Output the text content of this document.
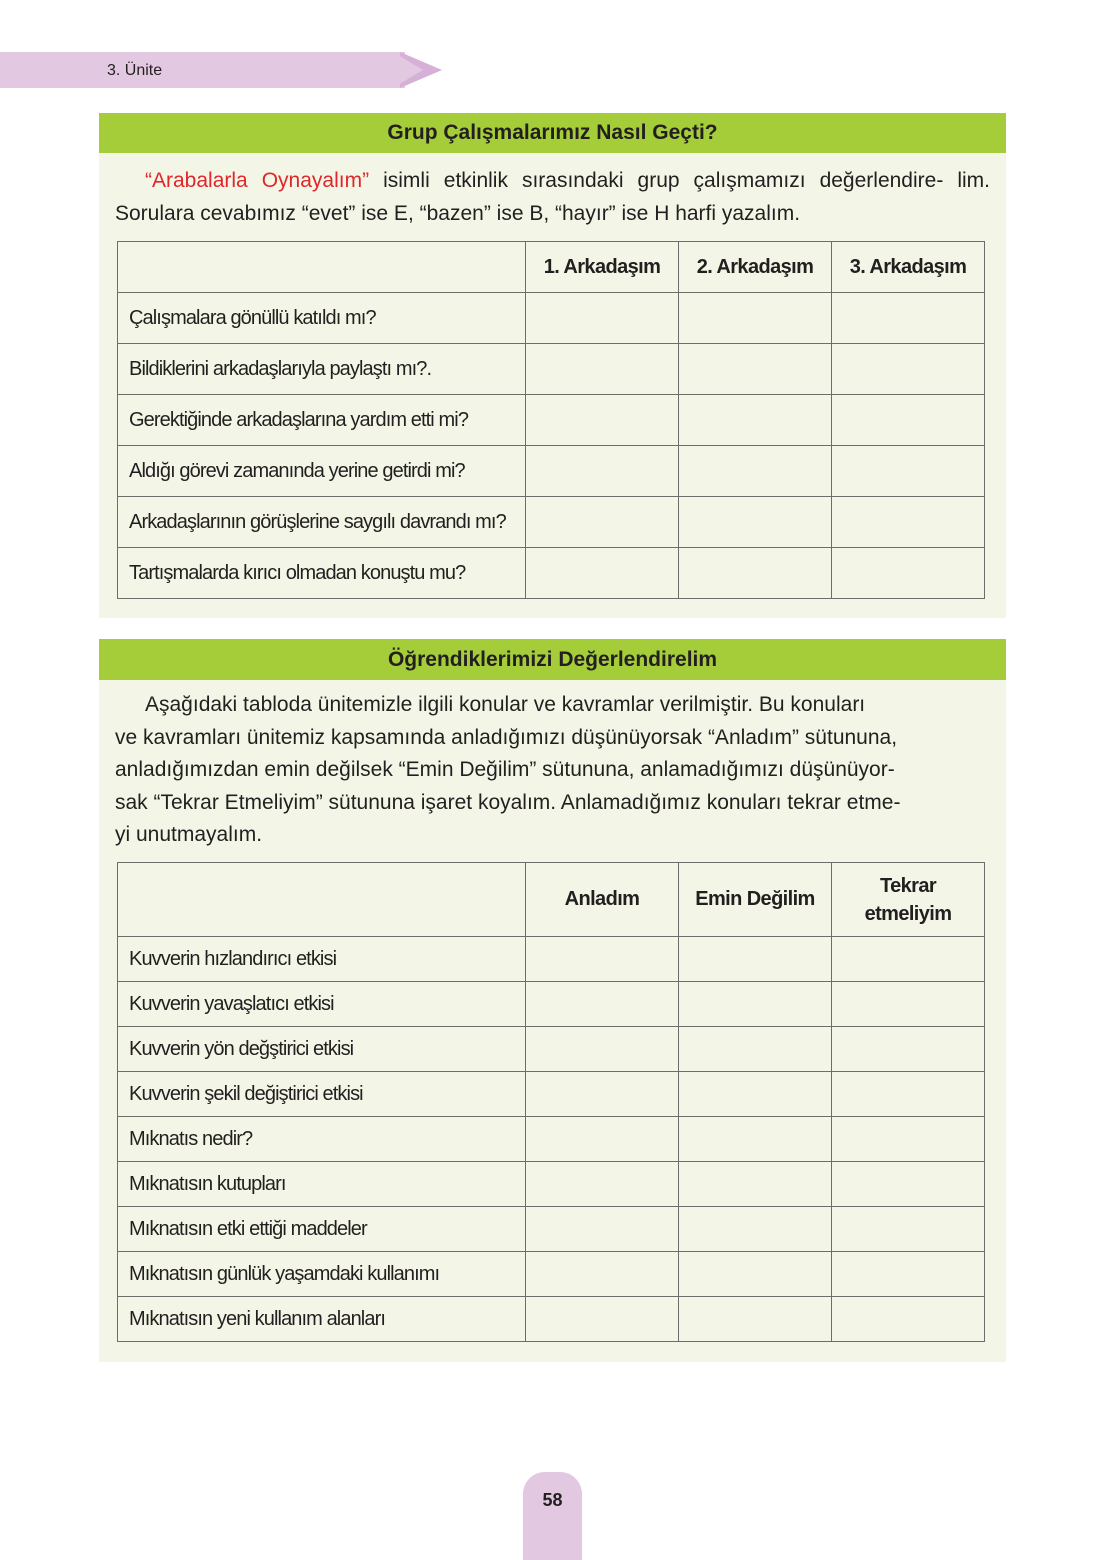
3. Ünite
Grup Çalışmalarımız Nasıl Geçti?
“Arabalarla Oynayalım” isimli etkinlik sırasındaki grup çalışmamızı değerlendire- lim. Sorulara cevabımız “evet” ise E, “bazen” ise B, “hayır” ise H harfi yazalım.
	1. Arkadaşım	2. Arkadaşım	3. Arkadaşım
Çalışmalara gönüllü katıldı mı?			
Bildiklerini arkadaşlarıyla paylaştı mı?.			
Gerektiğinde arkadaşlarına yardım etti mi?			
Aldığı görevi zamanında yerine getirdi mi?			
Arkadaşlarının görüşlerine saygılı davrandı mı?			
Tartışmalarda kırıcı olmadan konuştu mu?			
Öğrendiklerimizi Değerlendirelim
Aşağıdaki tabloda ünitemizle ilgili konular ve kavramlar verilmiştir. Bu konuları
ve kavramları ünitemiz kapsamında anladığımızı düşünüyorsak “Anladım” sütununa,
anladığımızdan emin değilsek “Emin Değilim” sütununa, anlamadığımızı düşünüyor-
sak “Tekrar Etmeliyim” sütununa işaret koyalım. Anlamadığımız konuları tekrar etme-
yi unutmayalım.
	Anladım	Emin Değilim	Tekrar
etmeliyim

Kuvverin hızlandırıcı etkisi			
Kuvverin yavaşlatıcı etkisi			
Kuvverin yön değştirici etkisi			
Kuvverin şekil değiştirici etkisi			
Mıknatıs nedir?			
Mıknatısın kutupları			
Mıknatısın etki ettiği maddeler			
Mıknatısın günlük yaşamdaki kullanımı			
Mıknatısın yeni kullanım alanları			
58
